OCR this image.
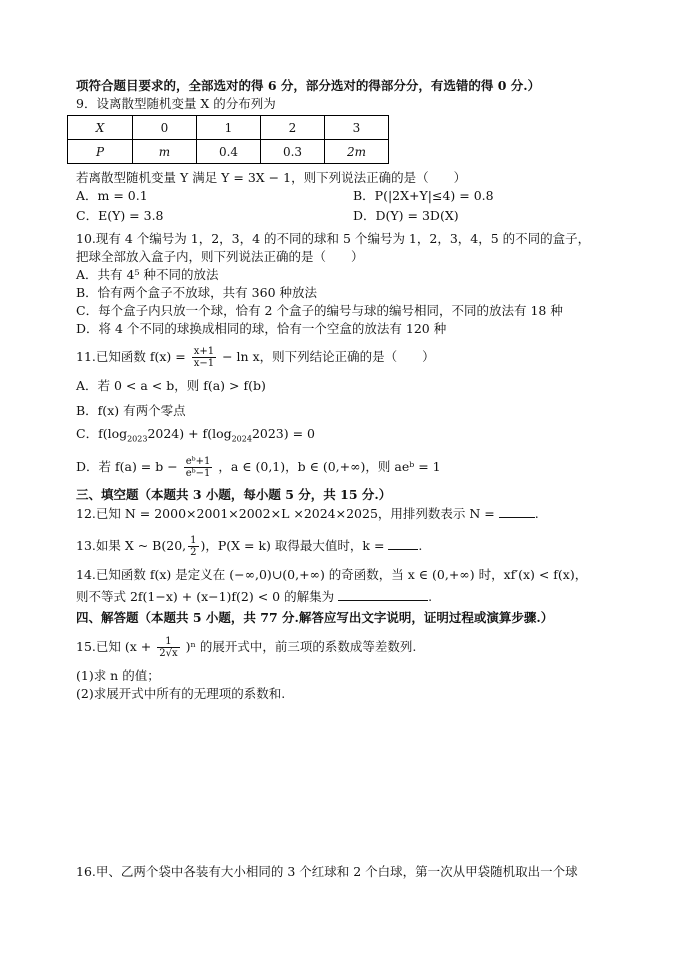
项符合题目要求的，全部选对的得 6 分，部分选对的得部分分，有选错的得 0 分.）
9．设离散型随机变量 X 的分布列为
X	0	1	2	3
P	m	0.4	0.3	2m
若离散型随机变量 Y 满足 Y = 3X − 1，则下列说法正确的是（　　）
A．m = 0.1	B．P(|2X+Y|≤4) = 0.8
C．E(Y) = 3.8	D．D(Y) = 3D(X)
10.现有 4 个编号为 1，2，3，4 的不同的球和 5 个编号为 1，2，3，4，5 的不同的盒子，
把球全部放入盒子内，则下列说法正确的是（　　）
A．共有 4⁵ 种不同的放法
B．恰有两个盒子不放球，共有 360 种放法
C．每个盒子内只放一个球，恰有 2 个盒子的编号与球的编号相同，不同的放法有 18 种
D．将 4 个不同的球换成相同的球，恰有一个空盒的放法有 120 种
11.已知函数 $f(x) = \frac{x+1}{x-1} - \ln x$，则下列结论正确的是（　　）
A．若 0 < a < b，则 f(a) > f(b)
B．f(x) 有两个零点
C．$f(\log_{2023}2024) + f(\log_{2024}2023) = 0$
D．若 $f(a) = b - \frac{\text{eᵇ+1}}{\text{eᵇ−1}}$ ，a ∈ (0,1)，b ∈ (0,+∞)，则 aeᵇ = 1
三、填空题（本题共 3 小题，每小题 5 分，共 15 分.）
12.已知 N = 2000×2001×2002×L ×2024×2025，用排列数表示 N =	.
13.如果 X ~ B(20, $\frac{1}{2}$ )，P(X = k) 取得最大值时，k =	.
14.已知函数 f(x) 是定义在 (−∞,0)∪(0,+∞) 的奇函数，当 x ∈ (0,+∞) 时，xf′(x) < f(x)，
则不等式 2f(1−x) + (x−1)f(2) < 0 的解集为	.
四、解答题（本题共 5 小题，共 77 分.解答应写出文字说明，证明过程或演算步骤.）
15.已知 $(x + \frac{1}{2√x} )^n$ 的展开式中，前三项的系数成等差数列.
(1)求 n 的值；
(2)求展开式中所有的无理项的系数和.
16.甲、乙两个袋中各装有大小相同的 3 个红球和 2 个白球，第一次从甲袋随机取出一个球
